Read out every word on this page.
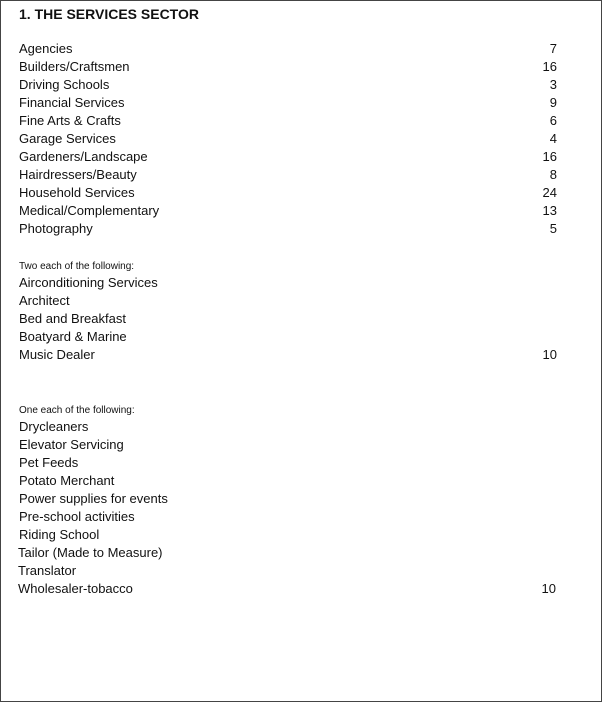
1. THE SERVICES SECTOR
Agencies	7
Builders/Craftsmen	16
Driving Schools	3
Financial Services	9
Fine Arts & Crafts	6
Garage Services	4
Gardeners/Landscape	16
Hairdressers/Beauty	8
Household Services	24
Medical/Complementary	13
Photography	5
Two each of the following:
Airconditioning Services
Architect
Bed and Breakfast
Boatyard & Marine
Music Dealer	10
One each of the following:
Drycleaners
Elevator Servicing
Pet Feeds
Potato Merchant
Power supplies for events
Pre-school activities
Riding School
Tailor (Made to Measure)
Translator
Wholesaler-tobacco	10
